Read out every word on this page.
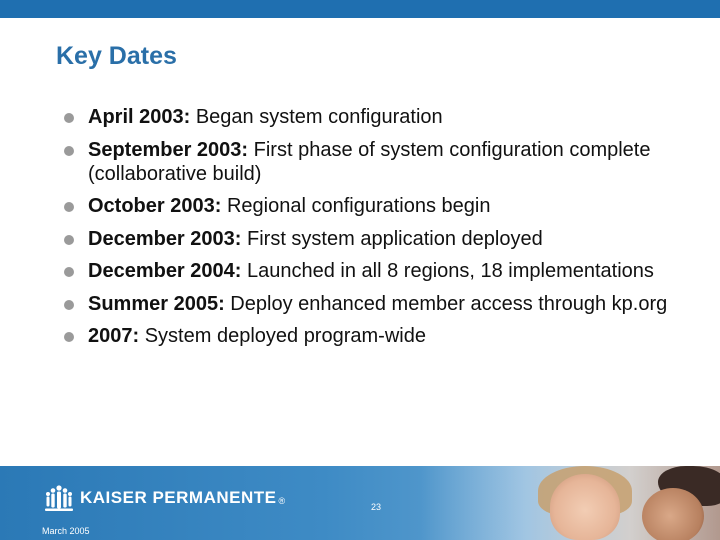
Key Dates
April 2003: Began system configuration
September 2003: First phase of system configuration complete (collaborative build)
October 2003: Regional configurations begin
December 2003: First system application deployed
December 2004: Launched in all 8 regions, 18 implementations
Summer 2005: Deploy enhanced member access through kp.org
2007: System deployed program-wide
KAISER PERMANENTE ®
23
March 2005
